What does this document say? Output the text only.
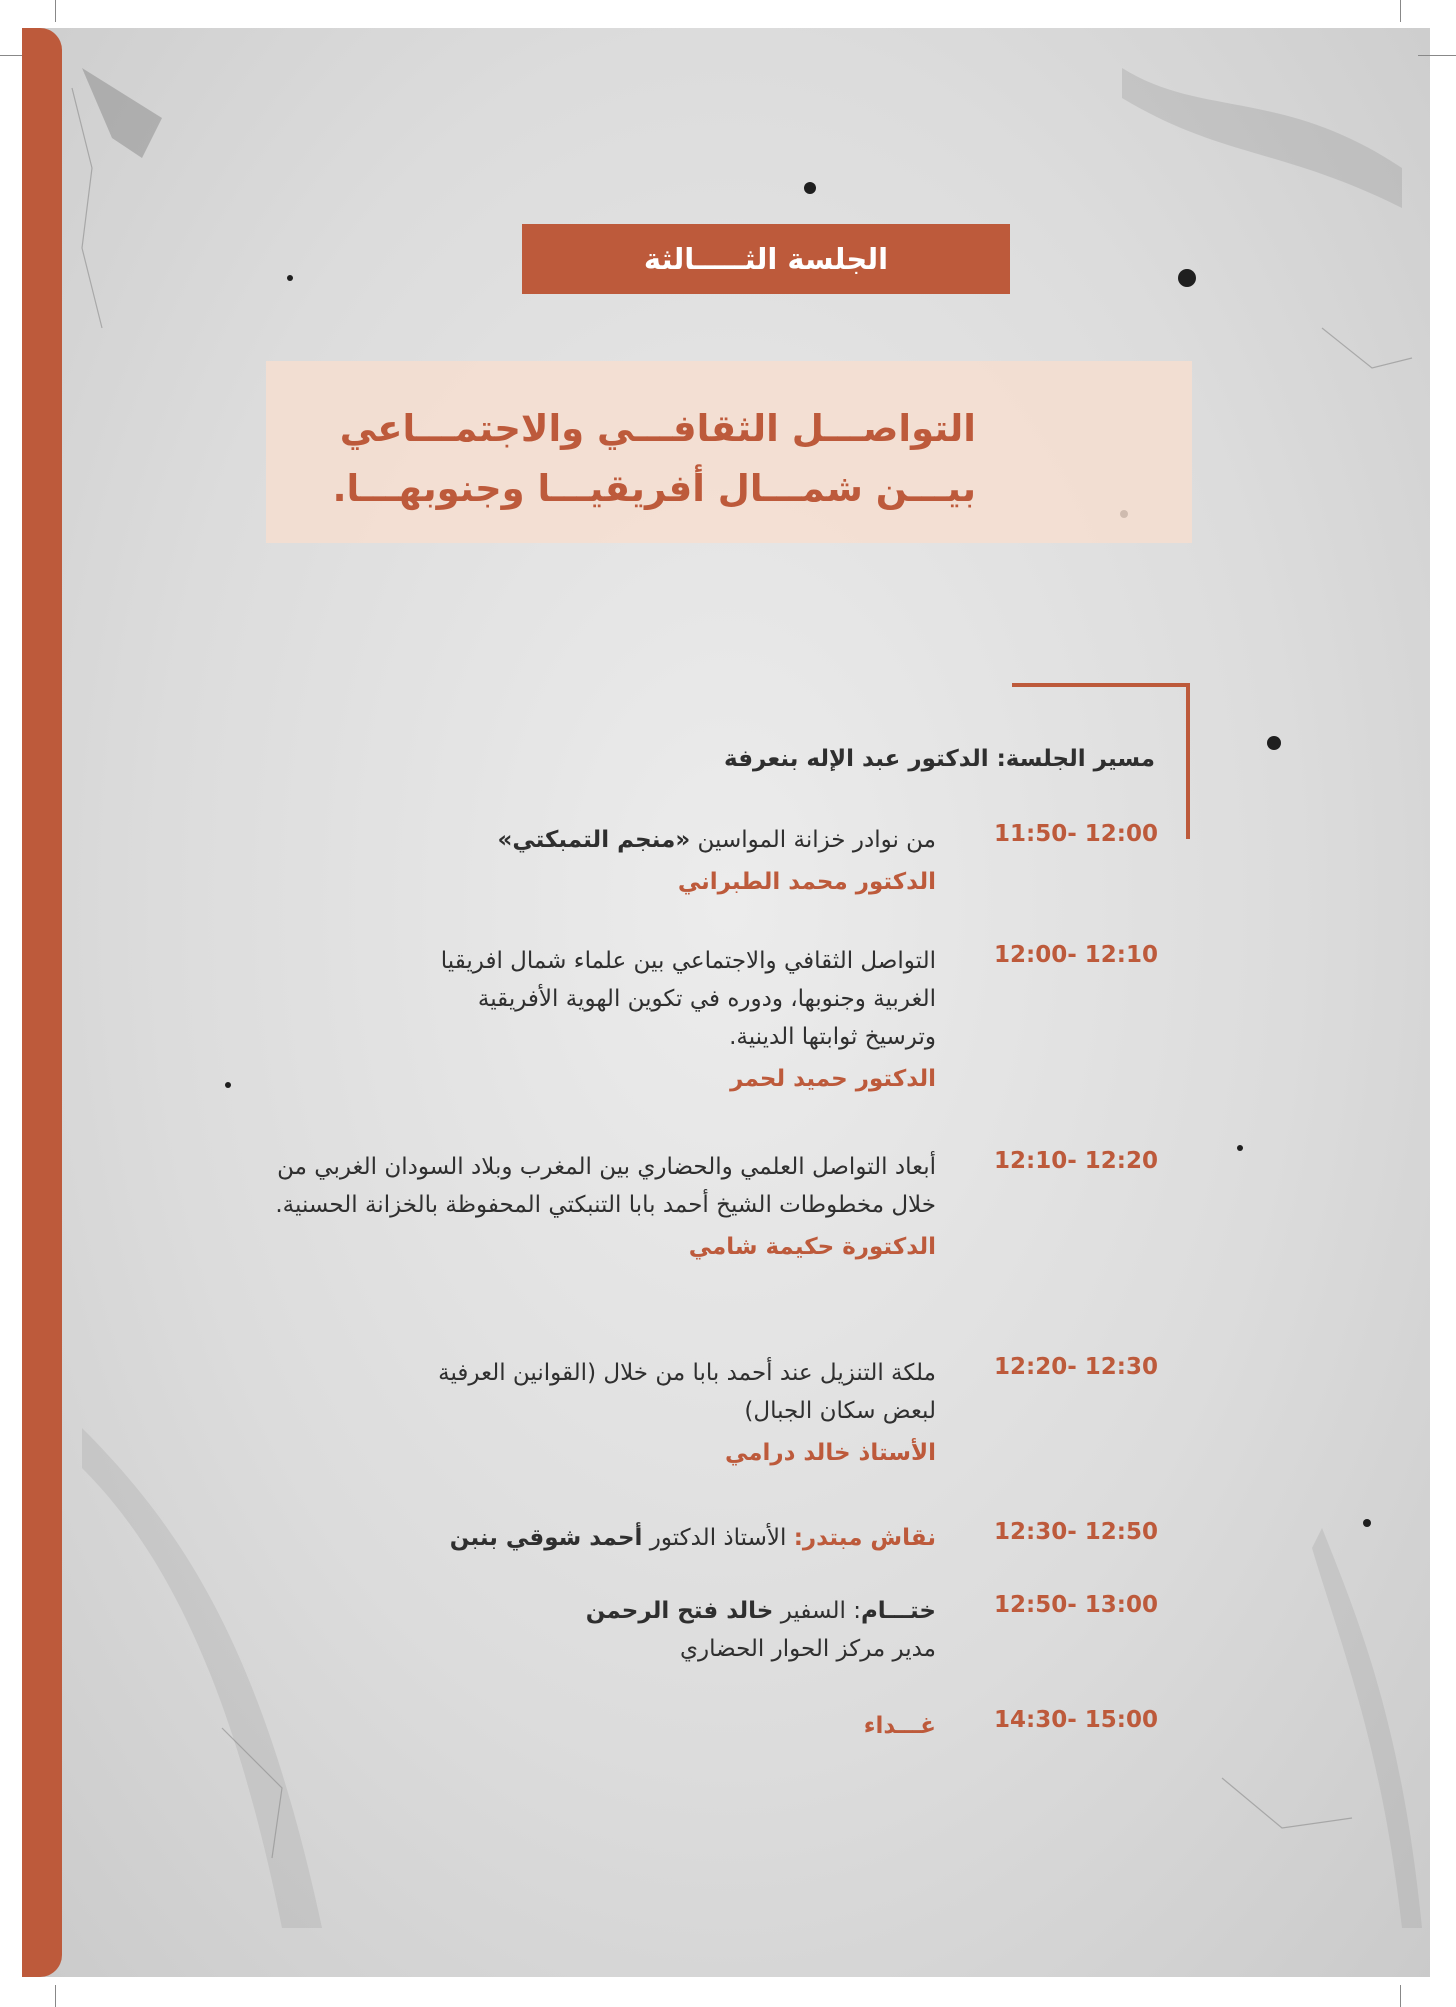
الجلسة الثـــــالثة
التواصـــل الثقافـــي والاجتمـــاعي
بيـــن شمـــال أفريقيـــا وجنوبهـــا.
مسير الجلسة: الدكتور عبد الإله بنعرفة
11:50- 12:00
من نوادر خزانة المواسين «منجم التمبكتي»
الدكتور محمد الطبراني
12:00- 12:10
التواصل الثقافي والاجتماعي بين علماء شمال افريقيا الغربية وجنوبها، ودوره في تكوين الهوية الأفريقية وترسيخ ثوابتها الدينية.
الدكتور حميد لحمر
12:10- 12:20
أبعاد التواصل العلمي والحضاري بين المغرب وبلاد السودان الغربي من خلال مخطوطات الشيخ أحمد بابا التنبكتي المحفوظة بالخزانة الحسنية.
الدكتورة حكيمة شامي
12:20- 12:30
ملكة التنزيل عند أحمد بابا من خلال (القوانين العرفية لبعض سكان الجبال)
الأستاذ خالد درامي
12:30- 12:50
نقاش مبتدر: الأستاذ الدكتور أحمد شوقي بنبن
12:50- 13:00
ختـــام: السفير خالد فتح الرحمن
مدير مركز الحوار الحضاري
14:30- 15:00
غـــداء
